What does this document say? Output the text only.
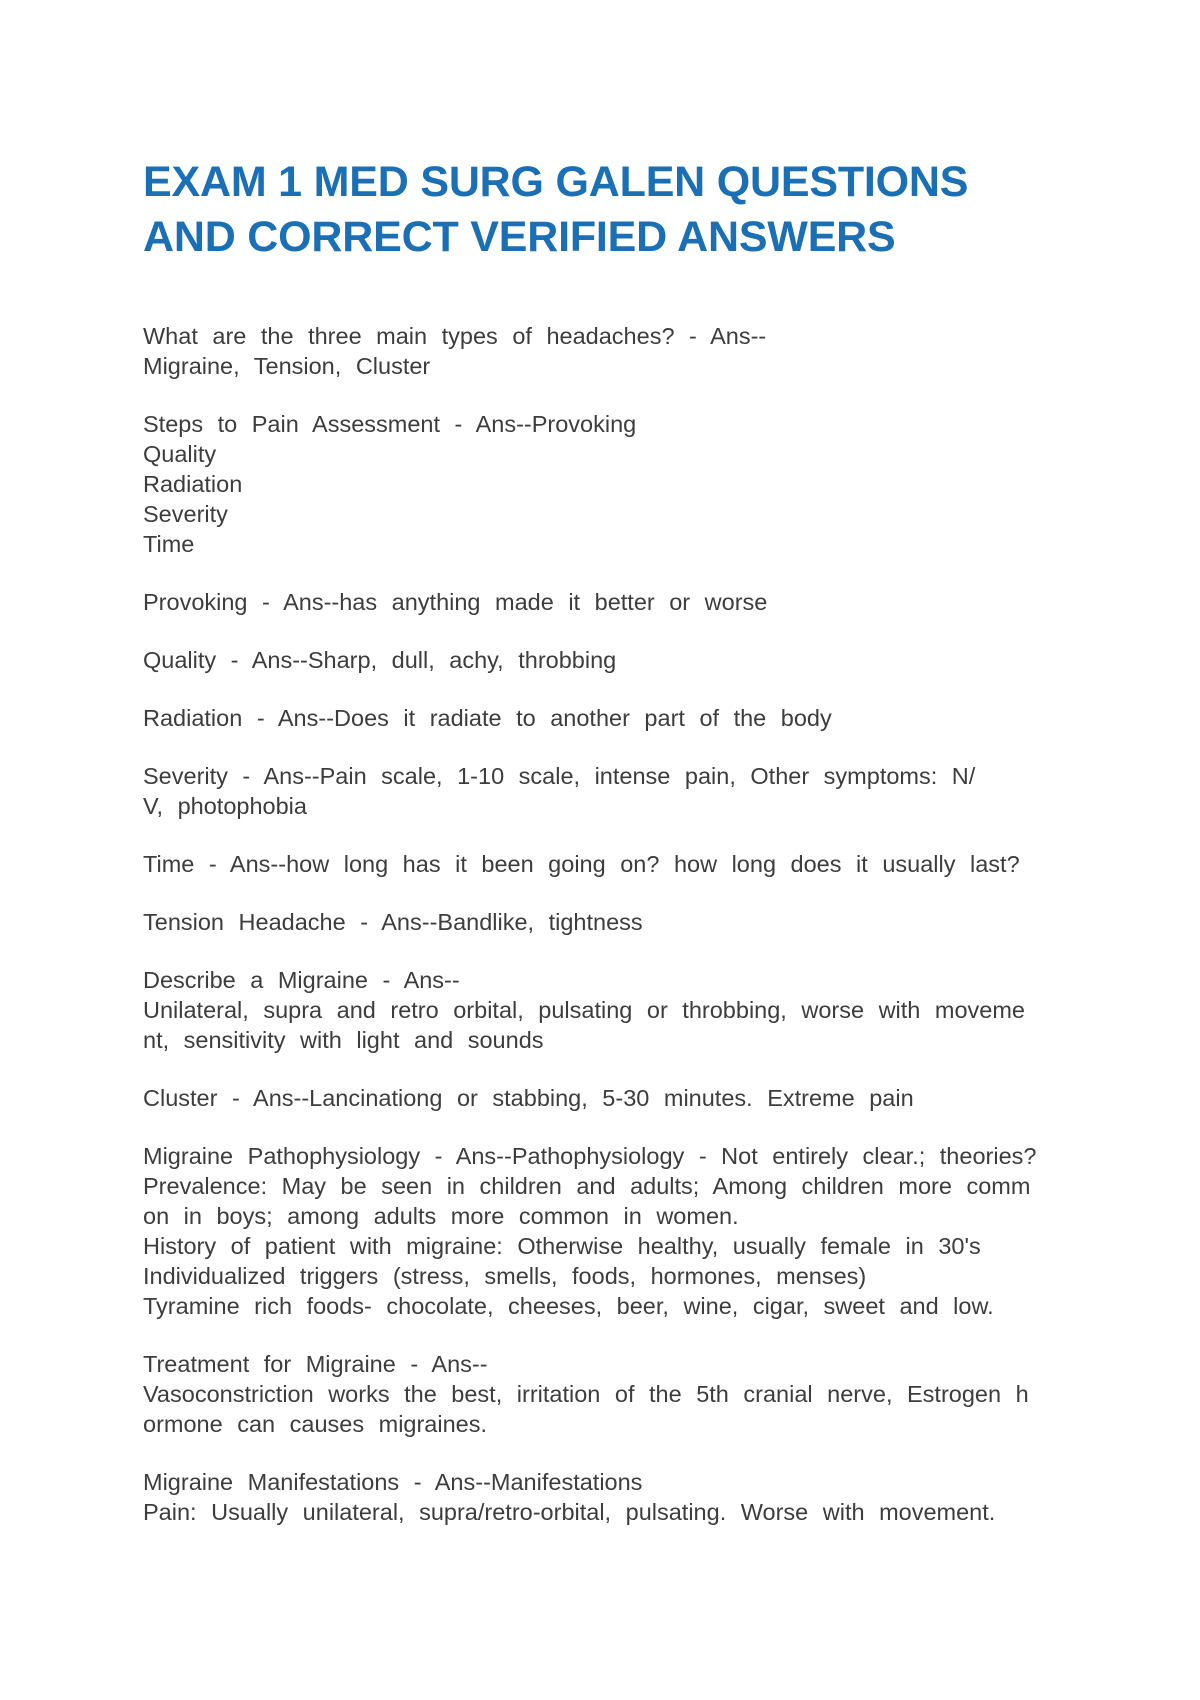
EXAM 1 MED SURG GALEN QUESTIONS
AND CORRECT VERIFIED ANSWERS
What are the three main types of headaches? - Ans--
Migraine, Tension, Cluster
Steps to Pain Assessment - Ans--Provoking
Quality
Radiation
Severity
Time
Provoking - Ans--has anything made it better or worse
Quality - Ans--Sharp, dull, achy, throbbing
Radiation - Ans--Does it radiate to another part of the body
Severity - Ans--Pain scale, 1-10 scale, intense pain, Other symptoms: N/
V, photophobia
Time - Ans--how long has it been going on? how long does it usually last?
Tension Headache - Ans--Bandlike, tightness
Describe a Migraine - Ans--
Unilateral, supra and retro orbital, pulsating or throbbing, worse with moveme
nt, sensitivity with light and sounds
Cluster - Ans--Lancinationg or stabbing, 5-30 minutes. Extreme pain
Migraine Pathophysiology - Ans--Pathophysiology - Not entirely clear.; theories?
Prevalence: May be seen in children and adults; Among children more comm
on in boys; among adults more common in women.
History of patient with migraine: Otherwise healthy, usually female in 30's
Individualized triggers (stress, smells, foods, hormones, menses)
Tyramine rich foods- chocolate, cheeses, beer, wine, cigar, sweet and low.
Treatment for Migraine - Ans--
Vasoconstriction works the best, irritation of the 5th cranial nerve, Estrogen h
ormone can causes migraines.
Migraine Manifestations - Ans--Manifestations
Pain: Usually unilateral, supra/retro-orbital, pulsating. Worse with movement.
